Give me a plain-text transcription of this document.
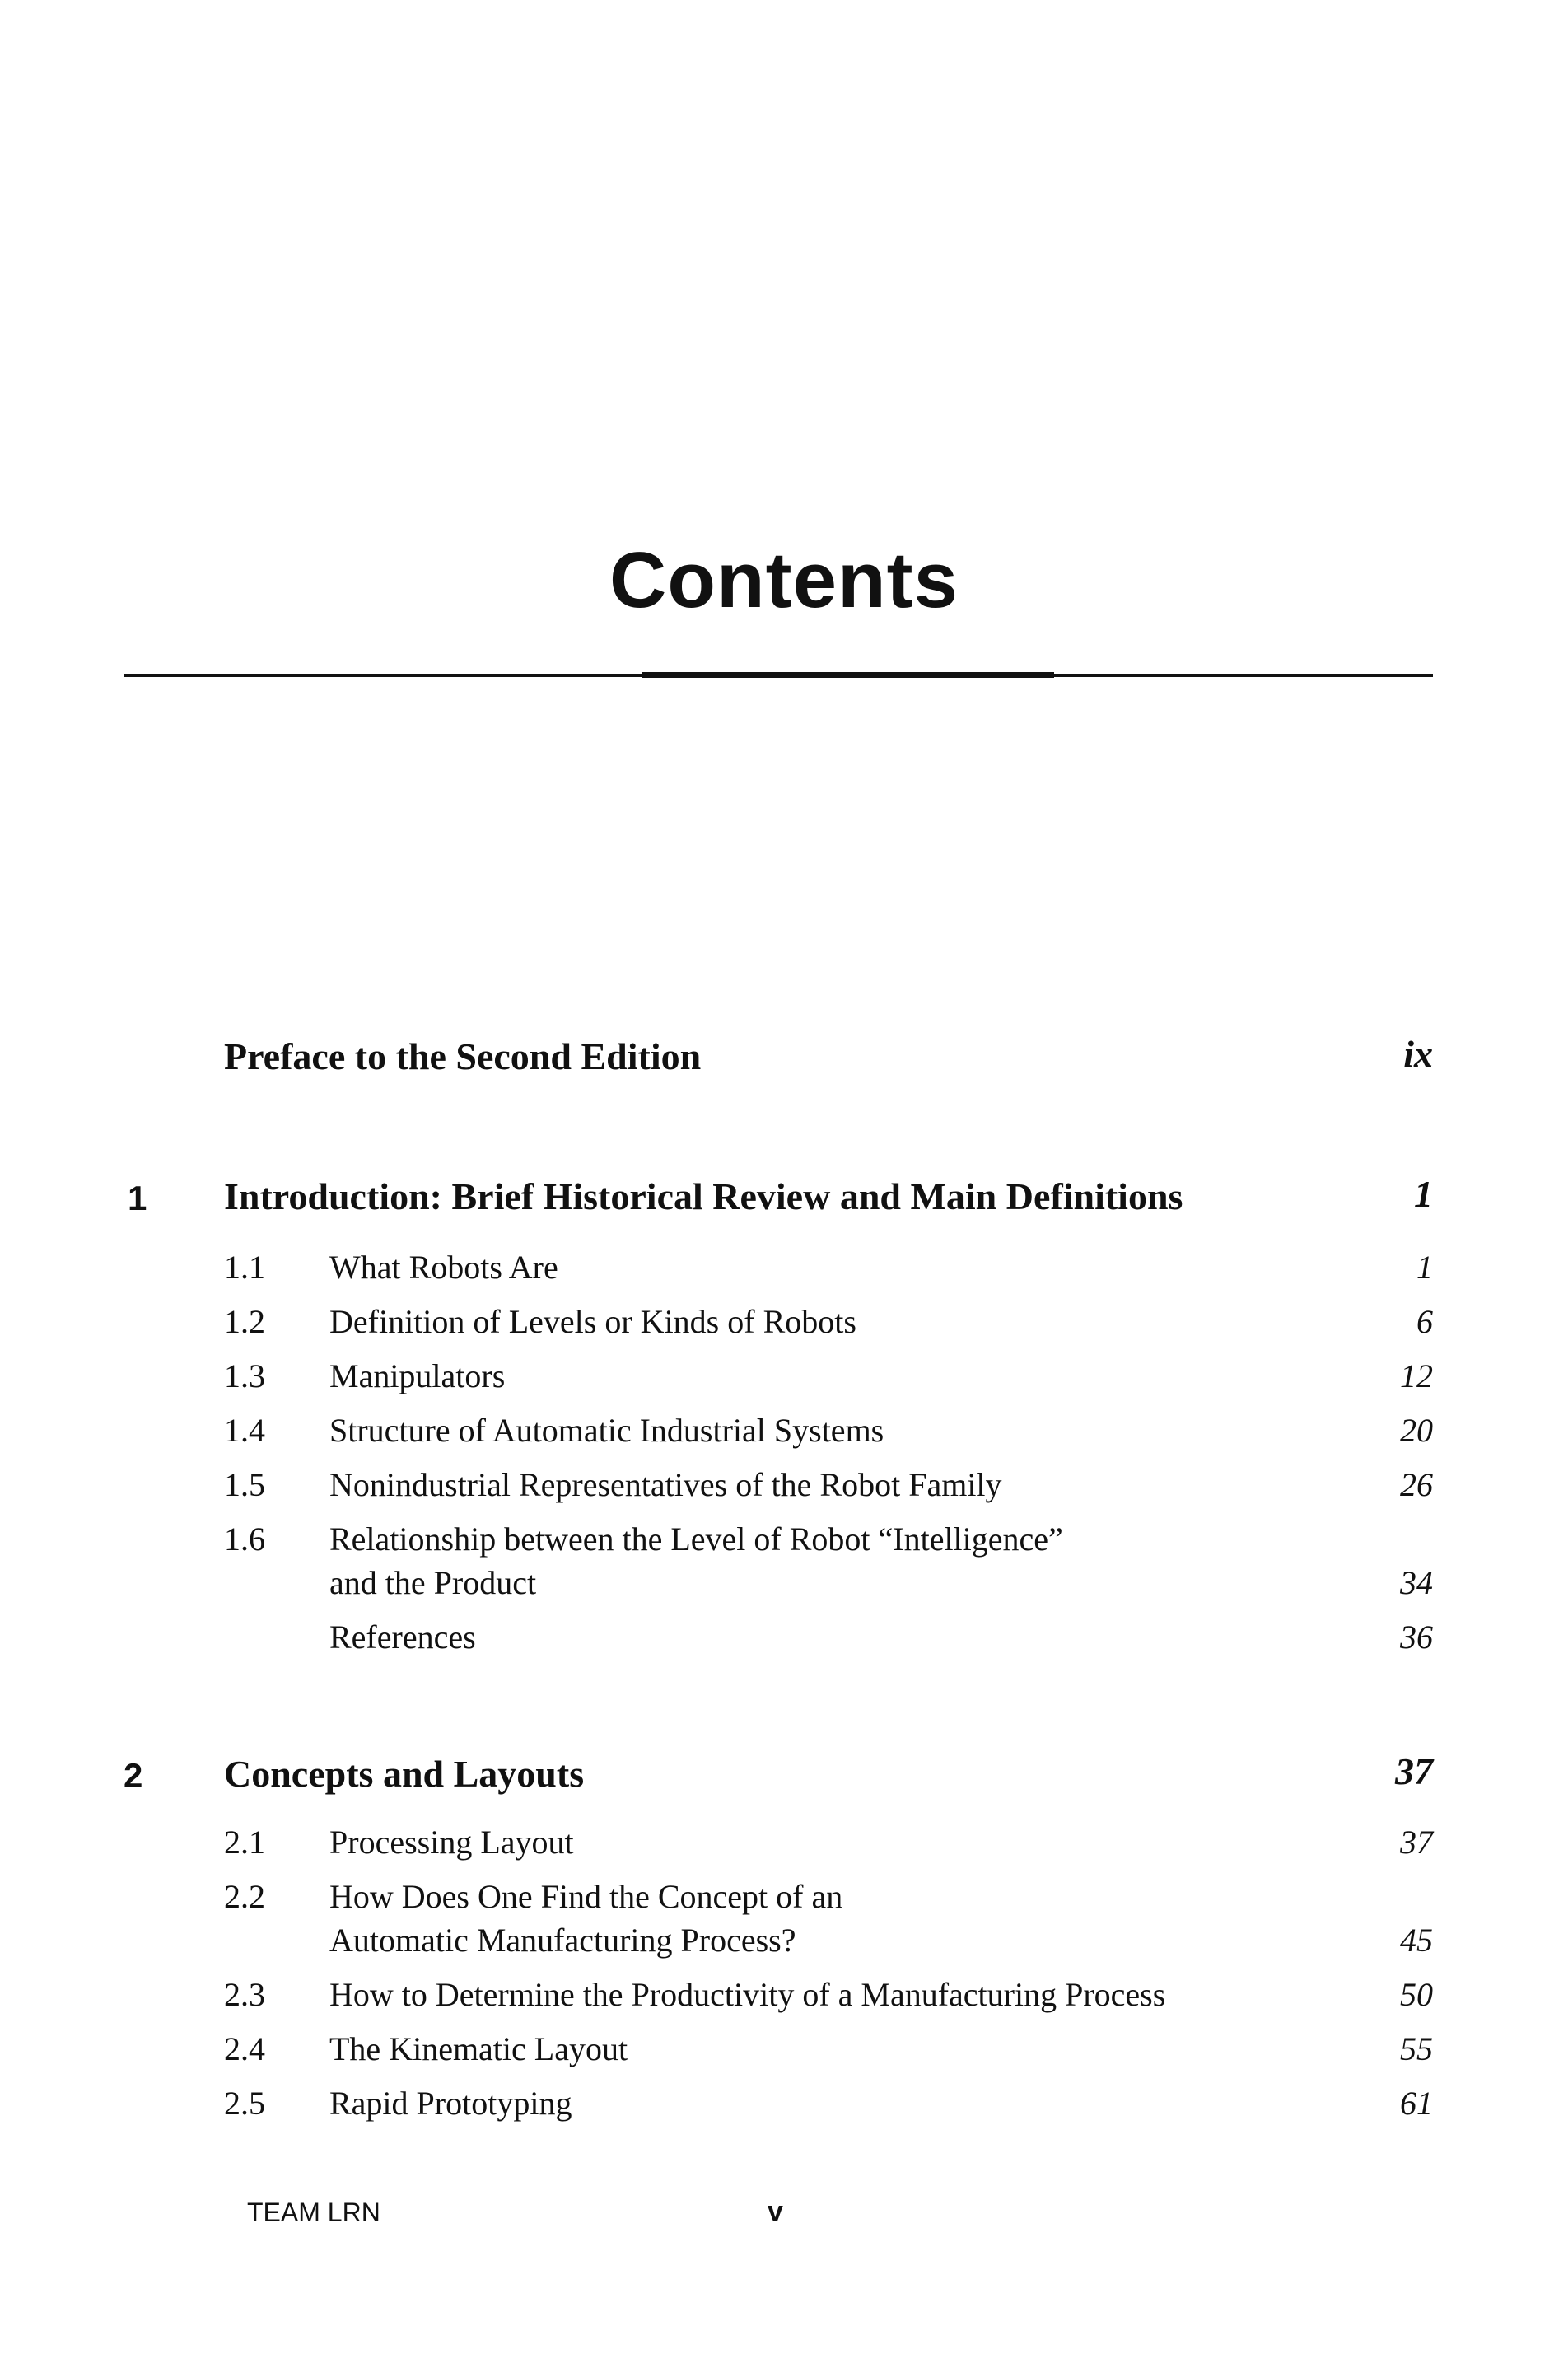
Contents
Preface to the Second Edition	ix
1 Introduction: Brief Historical Review and Main Definitions	1
1.1 What Robots Are	1
1.2 Definition of Levels or Kinds of Robots	6
1.3 Manipulators	12
1.4 Structure of Automatic Industrial Systems	20
1.5 Nonindustrial Representatives of the Robot Family	26
1.6 Relationship between the Level of Robot “Intelligence”
and the Product	34
References	36
2 Concepts and Layouts	37
2.1 Processing Layout	37
2.2 How Does One Find the Concept of an
Automatic Manufacturing Process?	45
2.3 How to Determine the Productivity of a Manufacturing Process	50
2.4 The Kinematic Layout	55
2.5 Rapid Prototyping	61
TEAM LRN	v
